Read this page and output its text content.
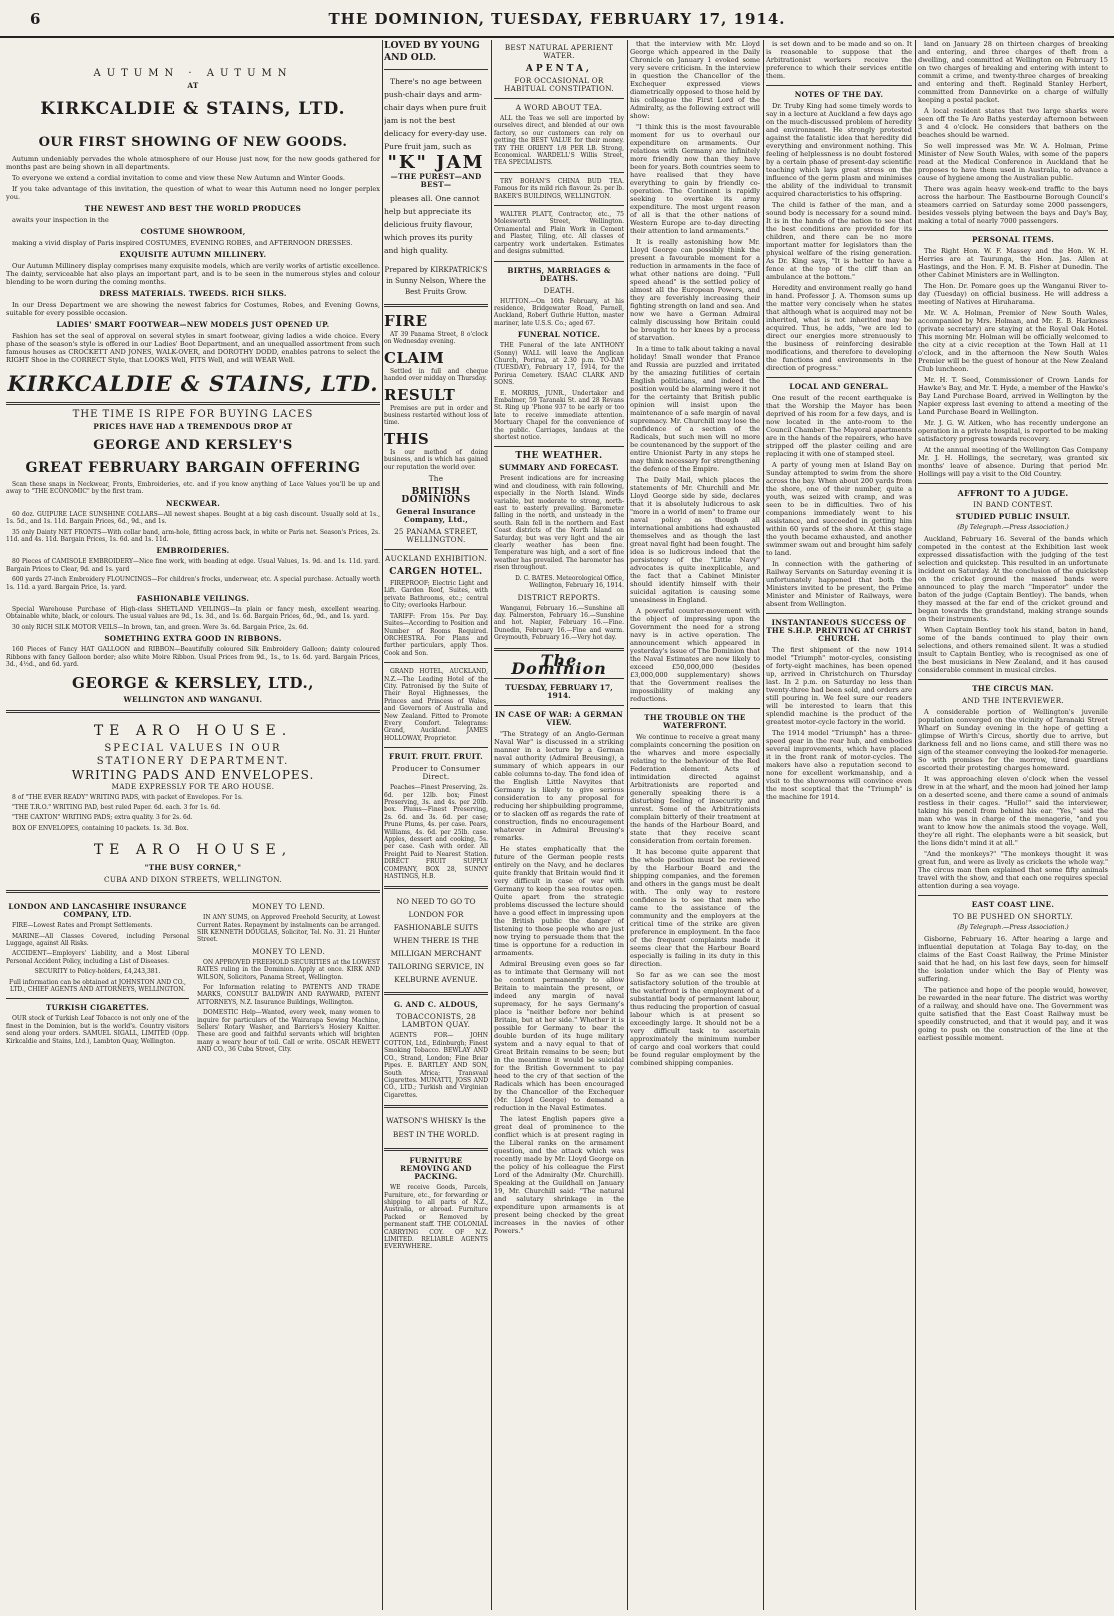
6	THE DOMINION, TUESDAY, FEBRUARY 17, 1914.
AUTUMN · AUTUMN
AT
KIRKCALDIE & STAINS, LTD.
OUR FIRST SHOWING OF NEW GOODS.

Autumn undeniably pervades the whole atmosphere of our House just now, for the new goods gathered for months past are being shown in all departments.

To everyone we extend a cordial invitation to come and view these New Autumn and Winter Goods.

If you take advantage of this invitation, the question of what to wear this Autumn need no longer perplex you.

THE NEWEST AND BEST THE WORLD PRODUCES

awaits your inspection in the

COSTUME SHOWROOM,

making a vivid display of Paris inspired COSTUMES, EVENING ROBES, and AFTERNOON DRESSES.

EXQUISITE AUTUMN MILLINERY.

Our Autumn Millinery display comprises many exquisite models, which are verily works of artistic excellence. The dainty, serviceable hat also plays an important part, and is to be seen in the numerous styles and colour blending to be worn during the coming months.

DRESS MATERIALS. TWEEDS. RICH SILKS.

In our Dress Department we are showing the newest fabrics for Costumes, Robes, and Evening Gowns, suitable for every possible occasion.

LADIES' SMART FOOTWEAR—NEW MODELS JUST OPENED UP.

Fashion has set the seal of approval on several styles in smart footwear, giving ladies a wide choice. Every phase of the season's style is offered in our Ladies' Boot Department, and an unequalled assortment from such famous houses as CROCKETT AND JONES, WALK-OVER, and DOROTHY DODD, enables patrons to select the RIGHT Shoe in the CORRECT Style, that LOOKS Well, FITS Well, and will WEAR Well.

KIRKCALDIE & STAINS, LTD.
THE TIME IS RIPE FOR BUYING LACES
PRICES HAVE HAD A TREMENDOUS DROP AT
GEORGE AND KERSLEY'S
GREAT FEBRUARY BARGAIN OFFERING

Scan these snaps in Neckwear, Fronts, Embroideries, etc. and if you know anything of Lace Values you'll be up and away to "THE ECONOMIC" by the first tram.

NECKWEAR.

60 doz. GUIPURE LACE SUNSHINE COLLARS—All newest shapes. Bought at a big cash discount. Usually sold at 1s., 1s. 5d., and 1s. 11d. Bargain Prices, 6d., 9d., and 1s.

35 only Dainty NET FRONTS—With collar band, arm-hole, fitting across back, in white or Paris net. Season's Prices, 2s. 11d. and 4s. 11d. Bargain Prices, 1s. 6d. and 1s. 11d.

EMBROIDERIES.

80 Pieces of CAMISOLE EMBROIDERY—Nice fine work, with beading at edge. Usual Values, 1s. 9d. and 1s. 11d. yard. Bargain Prices to Clear, 9d. and 1s. yard

600 yards 27-inch Embroidery FLOUNCINGS—For children's frocks, underwear, etc. A special purchase. Actually worth 1s. 11d. a yard. Bargain Price, 1s. yard.

FASHIONABLE VEILINGS.

Special Warehouse Purchase of High-class SHETLAND VEILINGS—In plain or fancy mesh, excellent wearing. Obtainable white, black, or colours. The usual values are 9d., 1s. 3d., and 1s. 6d. Bargain Prices, 6d., 9d., and 1s. yard.

30 only RICH SILK MOTOR VEILS—In brown, tan, and green. Were 3s. 6d. Bargain Price, 2s. 6d.

SOMETHING EXTRA GOOD IN RIBBONS.

160 Pieces of Fancy HAT GALLOON and RIBBON—Beautifully coloured Silk Embroidery Galloon; dainty coloured Ribbons with fancy Galloon border; also white Moire Ribbon. Usual Prices from 9d., 1s., to 1s. 6d. yard. Bargain Prices, 3d., 4½d., and 6d. yard.

GEORGE & KERSLEY, LTD.,
WELLINGTON AND WANGANUI.
TE ARO HOUSE.
SPECIAL VALUES IN OUR
STATIONERY DEPARTMENT.
WRITING PADS AND ENVELOPES.
MADE EXPRESSLY FOR TE ARO HOUSE.

8 of "THE EVER READY" WRITING PADS, with packet of Envelopes. For 1s.

"THE T.R.O." WRITING PAD, best ruled Paper. 6d. each. 3 for 1s. 6d.

"THE CAXTON" WRITING PADS; extra quality. 3 for 2s. 6d.

BOX OF ENVELOPES, containing 10 packets. 1s. 3d. Box.

TE ARO HOUSE,
"THE BUSY CORNER,"
CUBA AND DIXON STREETS, WELLINGTON.
LONDON AND LANCASHIRE INSURANCE COMPANY, LTD.

FIRE—Lowest Rates and Prompt Settlements.

MARINE—All Classes Covered, including Personal Luggage, against All Risks.

ACCIDENT—Employers' Liability, and a Most Liberal Personal Accident Policy, including a List of Diseases.

SECURITY to Policy-holders, £4,243,381.

Full information can be obtained at JOHNSTON AND CO., LTD., CHIEF AGENTS AND ATTORNEYS, WELLINGTON.

TURKISH CIGARETTES.

OUR stock of Turkish Leaf Tobacco is not only one of the finest in the Dominion, but is the world's. Country visitors send along your orders. SAMUEL SIGALL, LIMITED (Opp. Kirkcaldie and Stains, Ltd.), Lambton Quay, Wellington.

MONEY TO LEND.

IN ANY SUMS, on Approved Freehold Security, at Lowest Current Rates. Repayment by instalments can be arranged. SIR KENNETH DOUGLAS, Solicitor, Tel. No. 31. 21 Hunter Street.

MONEY TO LEND.

ON APPROVED FREEHOLD SECURITIES at the LOWEST RATES ruling in the Dominion. Apply at once. KIRK AND WILSON, Solicitors, Panama Street, Wellington.

For Information relating to PATENTS AND TRADE MARKS, CONSULT BALDWIN AND RAYWARD, PATENT ATTORNEYS, N.Z. Insurance Buildings, Wellington.

DOMESTIC Help—Wanted, every week, many women to inquire for particulars of the Wairarapa Sewing Machine, Sellers' Rotary Washer, and Barriers's Hosiery Knitter. These are good and faithful servants which will brighten many a weary hour of toil. Call or write. OSCAR HEWETT AND CO., 36 Cuba Street, City.

LOVED BY YOUNG AND OLD.

There's no age between push-chair days and arm-chair days when pure fruit jam is not the best delicacy for every-day use. Pure fruit jam, such as

"K" JAM
—THE PUREST—AND BEST—

pleases all. One cannot help but appreciate its delicious fruity flavour, which proves its purity and high quality.

Prepared by KIRKPATRICK'S in Sunny Nelson, Where the Best Fruits Grow.

FIRE

AT 39 Panama Street, 8 o'clock on Wednesday evening.

CLAIM

Settled in full and cheque handed over midday on Thursday.

RESULT

Premises are put in order and business restarted without loss of time.

THIS

Is our method of doing business, and is which has gained our reputation the world over.

The
BRITISH DOMINIONS
General Insurance Company, Ltd.,
25 PANAMA STREET, WELLINGTON.
AUCKLAND EXHIBITION.
CARGEN HOTEL.

FIREPROOF; Electric Light and Lift. Garden Roof, Suites, with private Bathrooms, etc.; central to City; overlooks Harbour.

TARIFF: From 15s. Per Day. Suites—According to Position and Number of Rooms Required. ORCHESTRA. For Plans and further particulars, apply Thos. Cook and Son.

GRAND HOTEL, AUCKLAND, N.Z.—The Leading Hotel of the City. Patronised by the Suite of Their Royal Highnesses, the Princes and Princess of Wales, and Governors of Australia and New Zealand. Fitted to Promote Every Comfort. Telegrams: Grand, Auckland. JAMES HOLLOWAY, Proprietor.

FRUIT. FRUIT. FRUIT.
Producer to Consumer Direct.

Peaches—Finest Preserving, 2s. 6d. per 12lb. box; Finest Preserving, 3s. and 4s. per 20lb. box. Plums—Finest Preserving, 2s. 6d. and 3s. 6d. per case; Prune Plums, 4s. per case. Pears, Williams, 4s. 6d. per 25lb. case. Apples, dessert and cooking, 5s. per case. Cash with order. All Freight Paid to Nearest Station. DIRECT FRUIT SUPPLY COMPANY, BOX 28, SUNNY HASTINGS, H.B.

NO NEED TO GO TO LONDON FOR FASHIONABLE SUITS WHEN THERE IS THE MILLIGAN MERCHANT TAILORING SERVICE, IN KELBURNE AVENUE.

G. AND C. ALDOUS,
TOBACCONISTS, 28 LAMBTON QUAY.

AGENTS FOR— JOHN COTTON, Ltd., Edinburgh; Finest Smoking Tobacco. BEWLAY AND CO., Strand, London; Fine Briar Pipes. E. BARTLEY AND SON, South Africa; Transvaal Cigarettes. MUNATTI, JOSS AND CO., LTD.; Turkish and Virginian Cigarettes.

WATSON'S WHISKY Is the BEST IN THE WORLD.

FURNITURE REMOVING AND PACKING.

WE receive Goods, Parcels, Furniture, etc., for forwarding or shipping to all parts of N.Z., Australia, or abroad. Furniture Packed or Removed by permanent staff. THE COLONIAL CARRYING COY. OF N.Z. LIMITED. RELIABLE AGENTS EVERYWHERE.

BEST NATURAL APERIENT WATER.
APENTA,
FOR OCCASIONAL OR HABITUAL CONSTIPATION.
A WORD ABOUT TEA.

ALL the Teas we sell are imported by ourselves direct, and blended at our own factory, so our customers can rely on getting the BEST VALUE for their money. TRY THE ORIENT 1/8 PER LB. Strong, Economical. WARDELL'S Willis Street, TEA SPECIALISTS.

TRY BOHAN'S CHINA BUD TEA. Famous for its mild rich flavour. 2s. per lb. BAKER'S BUILDINGS, WELLINGTON.

WALTER PLATT, Contractor, etc., 75 Molesworth Street, Wellington. Ornamental and Plain Work in Cement and Plaster, Tiling, etc. All classes of carpentry work undertaken. Estimates and designs submitted.

BIRTHS, MARRIAGES & DEATHS.
DEATH.

HUTTON.—On 16th February, at his residence, Bridgewater Road, Parnell, Auckland, Robert Guthrie Hutton, master mariner, late U.S.S. Co.; aged 67.

FUNERAL NOTICE.

THE Funeral of the late ANTHONY (Sonny) WALL will leave the Anglican Church, Porirua, at 2.30 p.m. TO-DAY (TUESDAY), February 17, 1914, for the Porirua Cemetery. ISAAC CLARK AND SONS.

E. MORRIS, JUNR., Undertaker and Embalmer, 59 Taranaki St. and 28 Revans St. Ring up 'Phone 937 to be early or too late to receive immediate attention. Mortuary Chapel for the convenience of the public. Carriages, landaus at the shortest notice.

THE WEATHER.
SUMMARY AND FORECAST.

Present indications are for increasing wind and cloudiness, with rain following, especially in the North Island. Winds variable, but moderate to strong, north-east to easterly prevailing. Barometer falling in the north, and unsteady in the south. Rain fell in the northern and East Coast districts of the North Island on Saturday, but was very light and the air clearly weather has been fine. Temperature was high, and a sort of fine weather has prevailed. The barometer has risen throughout.

D. C. BATES. Meteorological Office, Wellington, February 16, 1914.

DISTRICT REPORTS.

Wanganui, February 16.—Sunshine all day. Palmerston, February 16.—Sunshine and hot. Napier, February 16.—Fine. Dunedin, February 16.—Fine and warm. Greymouth, February 16.—Very hot day.

The Dominion
TUESDAY, FEBRUARY 17, 1914.
IN CASE OF WAR: A GERMAN VIEW.

"The Strategy of an Anglo-German Naval War" is discussed in a striking manner in a lecture by a German naval authority (Admiral Breusing), a summary of which appears in our cable columns to-day. The fond idea of the English Little Navyites that Germany is likely to give serious consideration to any proposal for reducing her shipbuilding programme, or to slacken off as regards the rate of construction, finds no encouragement whatever in Admiral Breusing's remarks.

He states emphatically that the future of the German people rests entirely on the Navy, and he declares quite frankly that Britain would find it very difficult in case of war with Germany to keep the sea routes open. Quite apart from the strategic problems discussed the lecture should have a good effect in impressing upon the British public the danger of listening to those people who are just now trying to persuade them that the time is opportune for a reduction in armaments.

Admiral Breusing even goes so far as to intimate that Germany will not be content permanently to allow Britain to maintain the present, or indeed any margin of naval supremacy, for he says Germany's place is "neither before nor behind Britain, but at her side." Whether it is possible for Germany to bear the double burden of its huge military system and a navy equal to that of Great Britain remains to be seen; but in the meantime it would be suicidal for the British Government to pay heed to the cry of that section of the Radicals which has been encouraged by the Chancellor of the Exchequer (Mr. Lloyd George) to demand a reduction in the Naval Estimates.

The latest English papers give a great deal of prominence to the conflict which is at present raging in the Liberal ranks on the armament question, and the attack which was recently made by Mr. Lloyd George on the policy of his colleague the First Lord of the Admiralty (Mr. Churchill). Speaking at the Guildhall on January 19, Mr. Churchill said: "The natural and salutary shrinkage in the expenditure upon armaments is at present being checked by the great increases in the navies of other Powers."

that the interview with Mr. Lloyd George which appeared in the Daily Chronicle on January 1 evoked some very severe criticism. In the interview in question the Chancellor of the Exchequer expressed views diametrically opposed to those held by his colleague the First Lord of the Admiralty, as the following extract will show:

"I think this is the most favourable moment for us to overhaul our expenditure on armaments. Our relations with Germany are infinitely more friendly now than they have been for years. Both countries seem to have realised that they have everything to gain by friendly co-operation. The Continent is rapidly seeking to overtake its army expenditure. The most urgent reason of all is that the other nations of Western Europe are to-day directing their attention to land armaments."

It is really astonishing how Mr. Lloyd George can possibly think the present a favourable moment for a reduction in armaments in the face of what other nations are doing. "Full speed ahead" is the settled policy of almost all the European Powers, and they are feverishly increasing their fighting strength on land and sea. And now we have a German Admiral calmly discussing how Britain could be brought to her knees by a process of starvation.

In a time to talk about taking a naval holiday! Small wonder that France and Russia are puzzled and irritated by the amazing futilities of certain English politicians, and indeed the position would be alarming were it not for the certainty that British public opinion will insist upon the maintenance of a safe margin of naval supremacy. Mr. Churchill may lose the confidence of a section of the Radicals, but such men will no more be countenanced by the support of the entire Unionist Party in any steps he may think necessary for strengthening the defence of the Empire.

The Daily Mail, which places the statements of Mr. Churchill and Mr. Lloyd George side by side, declares that it is absolutely ludicrous to ask "more in a world of men" to frame our naval policy as though all international ambitions had exhausted themselves and as though the last great naval fight had been fought. The idea is so ludicrous indeed that the persistency of the "Little Navy" advocates is quite inexplicable, and the fact that a Cabinet Minister should identify himself with their suicidal agitation is causing some uneasiness in England.

A powerful counter-movement with the object of impressing upon the Government the need for a strong navy is in active operation. The announcement which appeared in yesterday's issue of The Dominion that the Naval Estimates are now likely to exceed £50,000,000 (besides £3,000,000 supplementary) shows that the Government realises the impossibility of making any reductions.

THE TROUBLE ON THE WATERFRONT.

We continue to receive a great many complaints concerning the position on the wharves and more especially relating to the behaviour of the Red Federation element. Acts of intimidation directed against Arbitrationists are reported and generally speaking there is a disturbing feeling of insecurity and unrest. Some of the Arbitrationists complain bitterly of their treatment at the hands of the Harbour Board, and state that they receive scant consideration from certain foremen.

It has become quite apparent that the whole position must be reviewed by the Harbour Board and the shipping companies, and the foremen and others in the gangs must be dealt with. The only way to restore confidence is to see that men who came to the assistance of the community and the employers at the critical time of the strike are given preference in employment. In the face of the frequent complaints made it seems clear that the Harbour Board especially is failing in its duty in this direction.

So far as we can see the most satisfactory solution of the trouble at the waterfront is the employment of a substantial body of permanent labour, thus reducing the proportion of casual labour which is at present so exceedingly large. It should not be a very difficult task to ascertain approximately the minimum number of cargo and coal workers that could be found regular employment by the combined shipping companies.

is set down and to be made and so on. It is reasonable to suppose that the Arbitrationist workers receive the preference to which their services entitle them.

NOTES OF THE DAY.

Dr. Truby King had some timely words to say in a lecture at Auckland a few days ago on the much-discussed problem of heredity and environment. He strongly protested against the fatalistic idea that heredity did everything and environment nothing. This feeling of helplessness is no doubt fostered by a certain phase of present-day scientific teaching which lays great stress on the influence of the germ plasm and minimises the ability of the individual to transmit acquired characteristics to his offspring.

The child is father of the man, and a sound body is necessary for a sound mind. It is in the hands of the nation to see that the best conditions are provided for its children, and there can be no more important matter for legislators than the physical welfare of the rising generation. As Dr. King says, "It is better to have a fence at the top of the cliff than an ambulance at the bottom."

Heredity and environment really go hand in hand. Professor J. A. Thomson sums up the matter very concisely when he states that although what is acquired may not be inherited, what is not inherited may be acquired. Thus, he adds, "we are led to direct our energies more strenuously to the business of reinforcing desirable modifications, and therefore to developing the functions and environments in the direction of progress."

LOCAL AND GENERAL.

One result of the recent earthquake is that the Worship the Mayor has been deprived of his room for a few days, and is now located in the ante-room to the Council Chamber. The Mayoral apartments are in the hands of the repairers, who have stripped off the plaster ceiling and are replacing it with one of stamped steel.

A party of young men at Island Bay on Sunday attempted to swim from the shore across the bay. When about 200 yards from the shore, one of their number, quite a youth, was seized with cramp, and was seen to be in difficulties. Two of his companions immediately went to his assistance, and succeeded in getting him within 60 yards of the shore. At this stage the youth became exhausted, and another swimmer swam out and brought him safely to land.

In connection with the gathering of Railway Servants on Saturday evening it is unfortunately happened that both the Ministers invited to be present, the Prime Minister and Minister of Railways, were absent from Wellington.

INSTANTANEOUS SUCCESS OF THE S.H.P. PRINTING AT CHRIST CHURCH.

The first shipment of the new 1914 model "Triumph" motor-cycles, consisting of forty-eight machines, has been opened up, arrived in Christchurch on Thursday last. In 2 p.m. on Saturday no less than twenty-three had been sold, and orders are still pouring in. We feel sure our readers will be interested to learn that this splendid machine is the product of the greatest motor-cycle factory in the world.

The 1914 model "Triumph" has a three-speed gear in the rear hub, and embodies several improvements, which have placed it in the front rank of motor-cycles. The makers have also a reputation second to none for excellent workmanship, and a visit to the showrooms will convince even the most sceptical that the "Triumph" is the machine for 1914.

land on January 28 on thirteen charges of breaking and entering, and three charges of theft from a dwelling, and committed at Wellington on February 15 on two charges of breaking and entering with intent to commit a crime, and twenty-three charges of breaking and entering and theft. Reginald Stanley Herbert, committed from Dannevirke on a charge of wilfully keeping a postal packet.

A local resident states that two large sharks were seen off the Te Aro Baths yesterday afternoon between 3 and 4 o'clock. He considers that bathers on the beaches should be warned.

So well impressed was Mr. W. A. Holman, Prime Minister of New South Wales, with some of the papers read at the Medical Conference in Auckland that he proposes to have them used in Australia, to advance a cause of hygiene among the Australian public.

There was again heavy week-end traffic to the bays across the harbour. The Eastbourne Borough Council's steamers carried on Saturday some 2000 passengers, besides vessels plying between the bays and Day's Bay, making a total of nearly 7000 passengers.

PERSONAL ITEMS.

The Right Hon. W. F. Massey and the Hon. W. H. Herries are at Taurunga, the Hon. Jas. Allen at Hastings, and the Hon. F. M. B. Fisher at Dunedin. The other Cabinet Ministers are in Wellington.

The Hon. Dr. Pomare goes up the Wanganui River to-day (Tuesday) on official business. He will address a meeting of Natives at Hiruharama.

Mr. W. A. Holman, Premier of New South Wales, accompanied by Mrs. Holman, and Mr. E. B. Harkness (private secretary) are staying at the Royal Oak Hotel. This morning Mr. Holman will be officially welcomed to the city at a civic reception at the Town Hall at 11 o'clock, and in the afternoon the New South Wales Premier will be the guest of honour at the New Zealand Club luncheon.

Mr. H. T. Seed, Commissioner of Crown Lands for Hawke's Bay, and Mr. T. Hyde, a member of the Hawke's Bay Land Purchase Board, arrived in Wellington by the Napier express last evening to attend a meeting of the Land Purchase Board in Wellington.

Mr. J. G. W. Aitken, who has recently undergone an operation in a private hospital, is reported to be making satisfactory progress towards recovery.

At the annual meeting of the Wellington Gas Company Mr. J. H. Hollings, the secretary, was granted six months' leave of absence. During that period Mr. Hollings will pay a visit to the Old Country.

AFFRONT TO A JUDGE.
IN BAND CONTEST.
STUDIED PUBLIC INSULT.
(By Telegraph.—Press Association.)

Auckland, February 16. Several of the bands which competed in the contest at the Exhibition last week expressed dissatisfaction with the judging of the test selection and quickstep. This resulted in an unfortunate incident on Saturday. At the conclusion of the quickstep on the cricket ground the massed bands were announced to play the march "Imperator" under the baton of the judge (Captain Bentley). The bands, when they massed at the far end of the cricket ground and began towards the grandstand, making strange sounds on their instruments.

When Captain Bentley took his stand, baton in hand, some of the bands continued to play their own selections, and others remained silent. It was a studied insult to Captain Bentley, who is recognised as one of the best musicians in New Zealand, and it has caused considerable comment in musical circles.

THE CIRCUS MAN.
AND THE INTERVIEWER.

A considerable portion of Wellington's juvenile population converged on the vicinity of Taranaki Street Wharf on Sunday evening in the hope of getting a glimpse of Wirth's Circus, shortly due to arrive, but darkness fell and no lions came, and still there was no sign of the steamer conveying the looked-for menagerie. So with promises for the morrow, tired guardians escorted their protesting charges homeward.

It was approaching eleven o'clock when the vessel drew in at the wharf, and the moon had joined her lamp on a deserted scene, and there came a sound of animals restless in their cages. "Hullo!" said the interviewer, taking his pencil from behind his ear. "Yes," said the man who was in charge of the menagerie, "and you want to know how the animals stood the voyage. Well, they're all right. The elephants were a bit seasick, but the lions didn't mind it at all."

"And the monkeys?" "The monkeys thought it was great fun, and were as lively as crickets the whole way." The circus man then explained that some fifty animals travel with the show, and that each one requires special attention during a sea voyage.

EAST COAST LINE.
TO BE PUSHED ON SHORTLY.
(By Telegraph.—Press Association.)

Gisborne, February 16. After hearing a large and influential deputation at Tolaga Bay to-day, on the claims of the East Coast Railway, the Prime Minister said that he had, on his last few days, seen for himself the isolation under which the Bay of Plenty was suffering.

The patience and hope of the people would, however, be rewarded in the near future. The district was worthy of a railway, and should have one. The Government was quite satisfied that the East Coast Railway must be speedily constructed, and that it would pay, and it was going to push on the construction of the line at the earliest possible moment.
